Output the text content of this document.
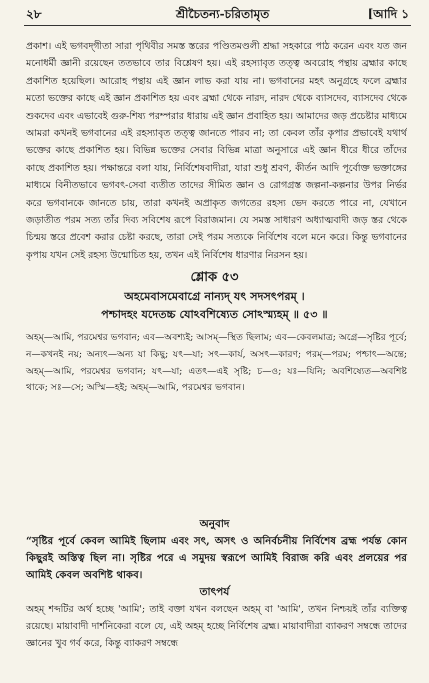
২৮	শ্রীচৈতন্য-চরিতামৃত	[আদি ১

প্রকাশ। এই ভগবদ্‌গীতা সারা পৃথিবীর সমস্ত স্তরের পণ্ডিতমণ্ডলী শ্রদ্ধা সহকারে পাঠ করেন এবং যত জন মনোধর্মী জ্ঞানী রয়েছেন ততভাবে তার বিশ্লেষণ হয়। এই রহস্যাবৃত তত্ত্ব অবরোহ পন্থায় ব্রহ্মার কাছে প্রকাশিত হয়েছিল। আরোহ পন্থায় এই জ্ঞান লাভ করা যায় না। ভগবানের মহৎ অনুগ্রহে ফলে ব্রহ্মার মতো ভক্তের কাছে এই জ্ঞান প্রকাশিত হয় এবং ব্রহ্মা থেকে নারদ, নারদ থেকে ব্যাসদেব, ব্যাসদেব থেকে শুকদেব এবং এভাবেই গুরু-শিষ্য পরম্পরার ধারায় এই জ্ঞান প্রবাহিত হয়। আমাদের জড় প্রচেষ্টার মাধ্যমে আমরা কখনই ভগবানের এই রহস্যাবৃত তত্ত্ব জানতে পারব না; তা কেবল তাঁর কৃপার প্রভাবেই যথার্থ ভক্তের কাছে প্রকাশিত হয়। বিভিন্ন ভক্তের সেবার বিভিন্ন মাত্রা অনুসারে এই জ্ঞান ধীরে ধীরে তাঁদের কাছে প্রকাশিত হয়। পক্ষান্তরে বলা যায়, নির্বিশেষবাদীরা, যারা শুধু শ্রবণ, কীর্তন আদি পূর্বোক্ত ভক্তাঙ্গের মাধ্যমে বিনীতভাবে ভগবৎ-সেবা ব্যতীত তাদের সীমিত জ্ঞান ও রোগগ্রস্ত জল্পনা-কল্পনার উপর নির্ভর করে ভগবানকে জানতে চায়, তারা কখনই অপ্রাকৃত জগতের রহস্য ভেদ করতে পারে না, যেখানে জড়াতীত পরম সত্য তাঁর দিব্য সবিশেষ রূপে বিরাজমান। যে সমস্ত সাধারণ অধ্যাত্মবাদী জড় স্তর থেকে চিন্ময় স্তরে প্রবেশ করার চেষ্টা করছে, তারা সেই পরম সত্যকে নির্বিশেষ বলে মনে করে। কিন্তু ভগবানের কৃপায় যখন সেই রহস্য উন্মোচিত হয়, তখন এই নির্বিশেষ ধারণার নিরসন হয়।

শ্লোক ৫৩
অহমেবাসমেবাগ্রে নান্যদ্‌ যৎ সদসৎপরম্‌ ।
পশ্চাদহং যদেতচ্চ যোঽবশিষ্যেত সোঽস্ম্যহম্‌ ॥ ৫৩ ॥

অহম্‌—আমি, পরমেশ্বর ভগবান; এব—অবশ্যই; আসম্‌—স্থিত ছিলাম; এব—কেবলমাত্র; অগ্রে—সৃষ্টির পূর্বে; ন—কখনই নয়; অন্যৎ—অন্য যা কিছু; যৎ—যা; সৎ—কার্য, অসৎ—কারণ; পরম্‌—পরম; পশ্চাৎ—অন্তে; অহম্‌—আমি, পরমেশ্বর ভগবান; যৎ—যা; এতৎ—এই সৃষ্টি; চ—ও; যঃ—যিনি; অবশিষ্যেত—অবশিষ্ট থাকে; সঃ—সে; অস্মি—হই; অহম্‌—আমি, পরমেশ্বর ভগবান।

অনুবাদ

“সৃষ্টির পূর্বে কেবল আমিই ছিলাম এবং সৎ, অসৎ ও অনির্বচনীয় নির্বিশেষ ব্রহ্ম পর্যন্ত কোন কিছুরই অস্তিত্ব ছিল না। সৃষ্টির পরে এ সমুদয় স্বরূপে আমিই বিরাজ করি এবং প্রলয়ের পর আমিই কেবল অবশিষ্ট থাকব।

তাৎপর্য

অহম্‌ শব্দটির অর্থ হচ্ছে 'আমি'; তাই বক্তা যখন বলছেন অহম্‌ বা 'আমি', তখন নিশ্চয়ই তাঁর ব্যক্তিত্ব রয়েছে। মায়াবাদী দার্শনিকেরা বলে যে, এই অহম্‌ হচ্ছে নির্বিশেষ ব্রহ্ম। মায়াবাদীরা ব্যাকরণ সম্বন্ধে তাদের জ্ঞানের খুব গর্ব করে, কিন্তু ব্যাকরণ সম্বন্ধে
